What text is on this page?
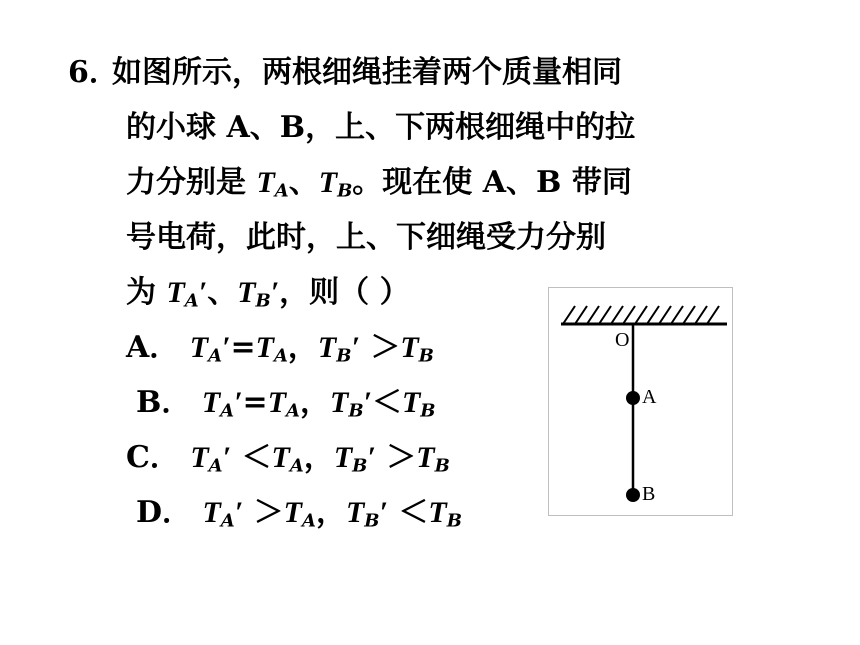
6．
如图所示，两根细绳挂着两个质量相同
的小球 A、B，上、下两根细绳中的拉
力分别是 $T_A$、$T_B$。现在使 A、B 带同
号电荷，此时，上、下细绳受力分别
为 $T_A'$、$T_B'$，则（ ）
A． $T_A'=T_A$，$T_B' >T_B$
B． $T_A'=T_A$，$T_B'<T_B$
C． $T_A' <T_A$，$T_B' >T_B$
D． $T_A' >T_A$，$T_B' <T_B$
O
A
B
